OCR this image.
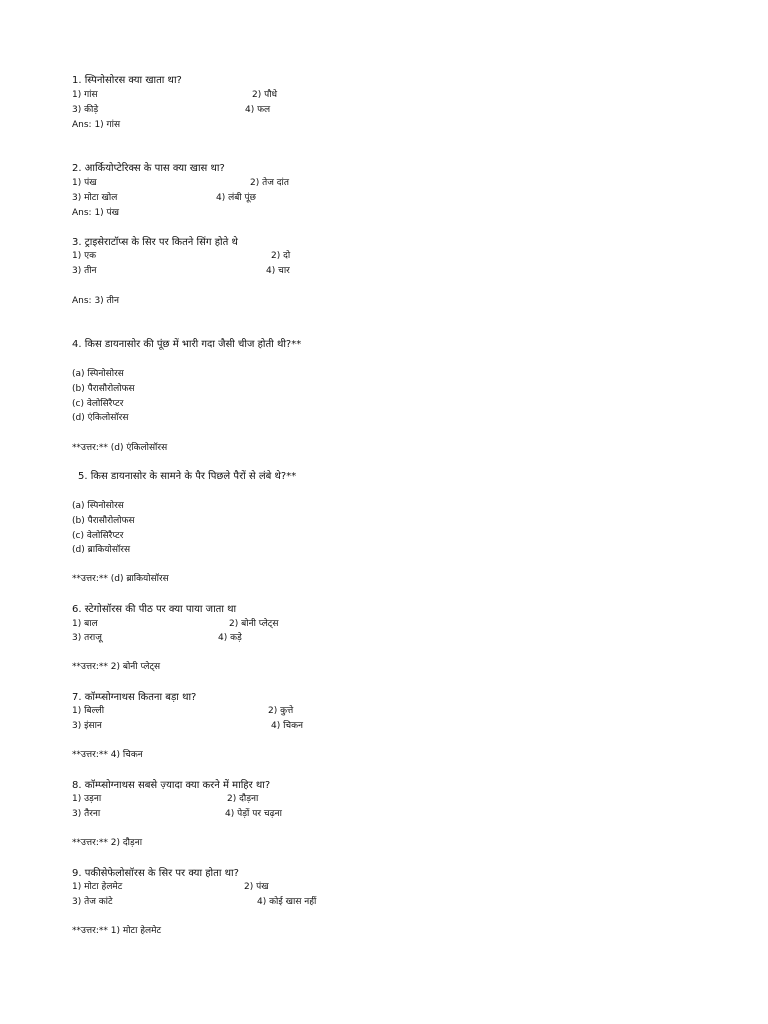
1. स्पिनोसोरस क्या खाता था?
1) गांस	2) पौधे
3) कीड़े	4) फल
Ans: 1) गांस
2. आर्कियोप्टेरिक्स के पास क्या खास था?
1) पंख	2) तेज दांत
3) मोटा खोल	4) लंबी पूंछ
Ans: 1) पंख
3. ट्राइसेराटॉप्स के सिर पर कितने सिंग होते थे
1) एक	2) दो
3) तीन	4) चार
Ans: 3) तीन
4. किस डायनासोर की पूंछ में भारी गदा जैसी चीज होती थी?**
(a) स्पिनोसोरस
(b) पैरासौरोलोफस
(c) वेलोसिरैप्टर
(d) एंकिलोसॉरस
**उत्तर:** (d) एंकिलोसॉरस
5. किस डायनासोर के सामने के पैर पिछले पैरों से लंबे थे?**
(a) स्पिनोसोरस
(b) पैरासौरोलोफस
(c) वेलोसिरैप्टर
(d) ब्राकियोसॉरस
**उत्तर:** (d) ब्राकियोसॉरस
6. स्टेगोसॉरस की पीठ पर क्या पाया जाता था
1) बाल	2) बोनी प्लेट्स
3) तराजू	4) कड़े
**उत्तर:** 2) बोनी प्लेट्स
7. कॉम्प्सोग्नाथस कितना बड़ा था?
1) बिल्ली	2) कुत्ते
3) इंसान	4) चिकन
**उत्तर:** 4) चिकन
8. कॉम्प्सोग्नाथस सबसे ज़्यादा क्या करने में माहिर था?
1) उड़ना	2) दौड़ना
3) तैरना	4) पेड़ों पर चढ़ना
**उत्तर:** 2) दौड़ना
9. पकीसेफेलोसॉरस के सिर पर क्या होता था?
1) मोटा हेलमेट	2) पंख
3) तेज कांटे	4) कोई खास नहीं
**उत्तर:** 1) मोटा हेलमेट
